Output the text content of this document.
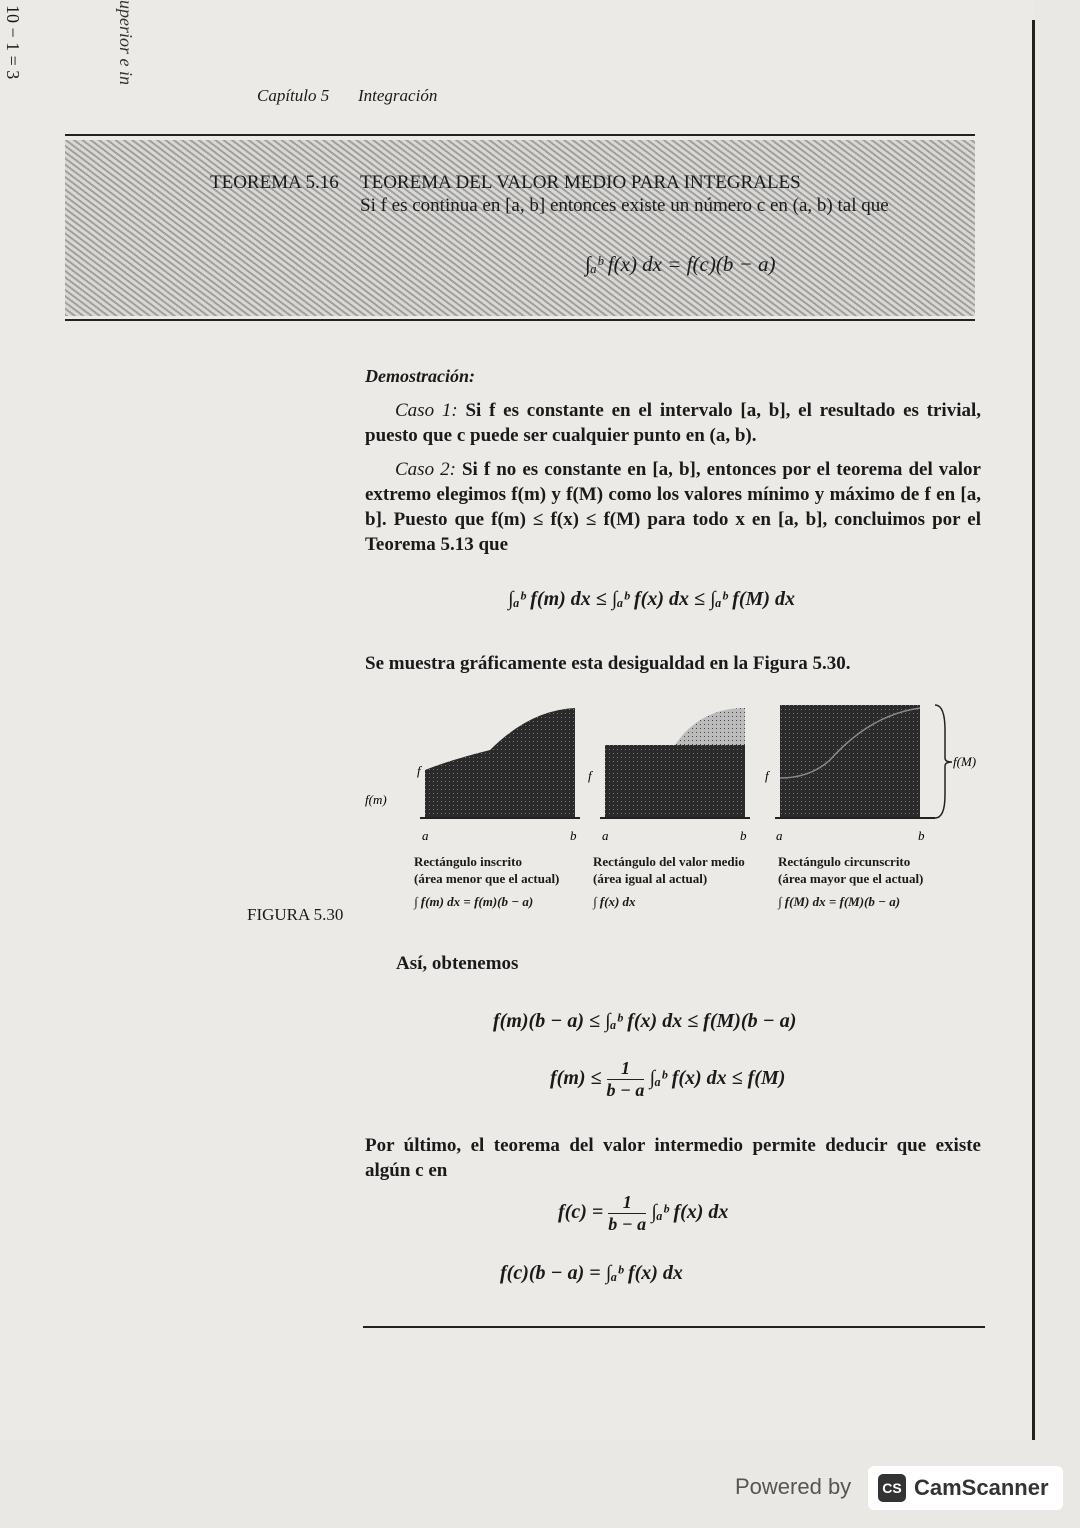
10 − 1 = 3	uperior e in
Capítulo 5 Integración
TEOREMA 5.16 TEOREMA DEL VALOR MEDIO PARA INTEGRALES
Si f es continua en [a, b] entonces existe un número c en (a, b) tal que
∫ₐᵇ f(x) dx = f(c)(b − a)
Demostración:
Caso 1: Si f es constante en el intervalo [a, b], el resultado es trivial, puesto que c puede ser cualquier punto en (a, b).
Caso 2: Si f no es constante en [a, b], entonces por el teorema del valor extremo elegimos f(m) y f(M) como los valores mínimo y máximo de f en [a, b]. Puesto que f(m) ≤ f(x) ≤ f(M) para todo x en [a, b], concluimos por el Teorema 5.13 que
∫ₐᵇ f(m) dx ≤ ∫ₐᵇ f(x) dx ≤ ∫ₐᵇ f(M) dx
Se muestra gráficamente esta desigualdad en la Figura 5.30.
f(m)
f
a	b
f
a	b
f(M)
f
a	b
Rectángulo inscrito
(área menor que el actual)
∫ f(m) dx = f(m)(b − a)
Rectángulo del valor medio
(área igual al actual)
∫ f(x) dx
Rectángulo circunscrito
(área mayor que el actual)
∫ f(M) dx = f(M)(b − a)
FIGURA 5.30
Así, obtenemos
f(m)(b − a) ≤ ∫ₐᵇ f(x) dx ≤ f(M)(b − a)
$f(m) \le \frac{1}{b - a}$ ∫ₐᵇ f(x) dx ≤ f(M)
Por último, el teorema del valor intermedio permite deducir que existe algún c en
$f(c) = \frac{1}{b - a}$ ∫ₐᵇ f(x) dx
f(c)(b − a) = ∫ₐᵇ f(x) dx
Powered by	CS CamScanner
